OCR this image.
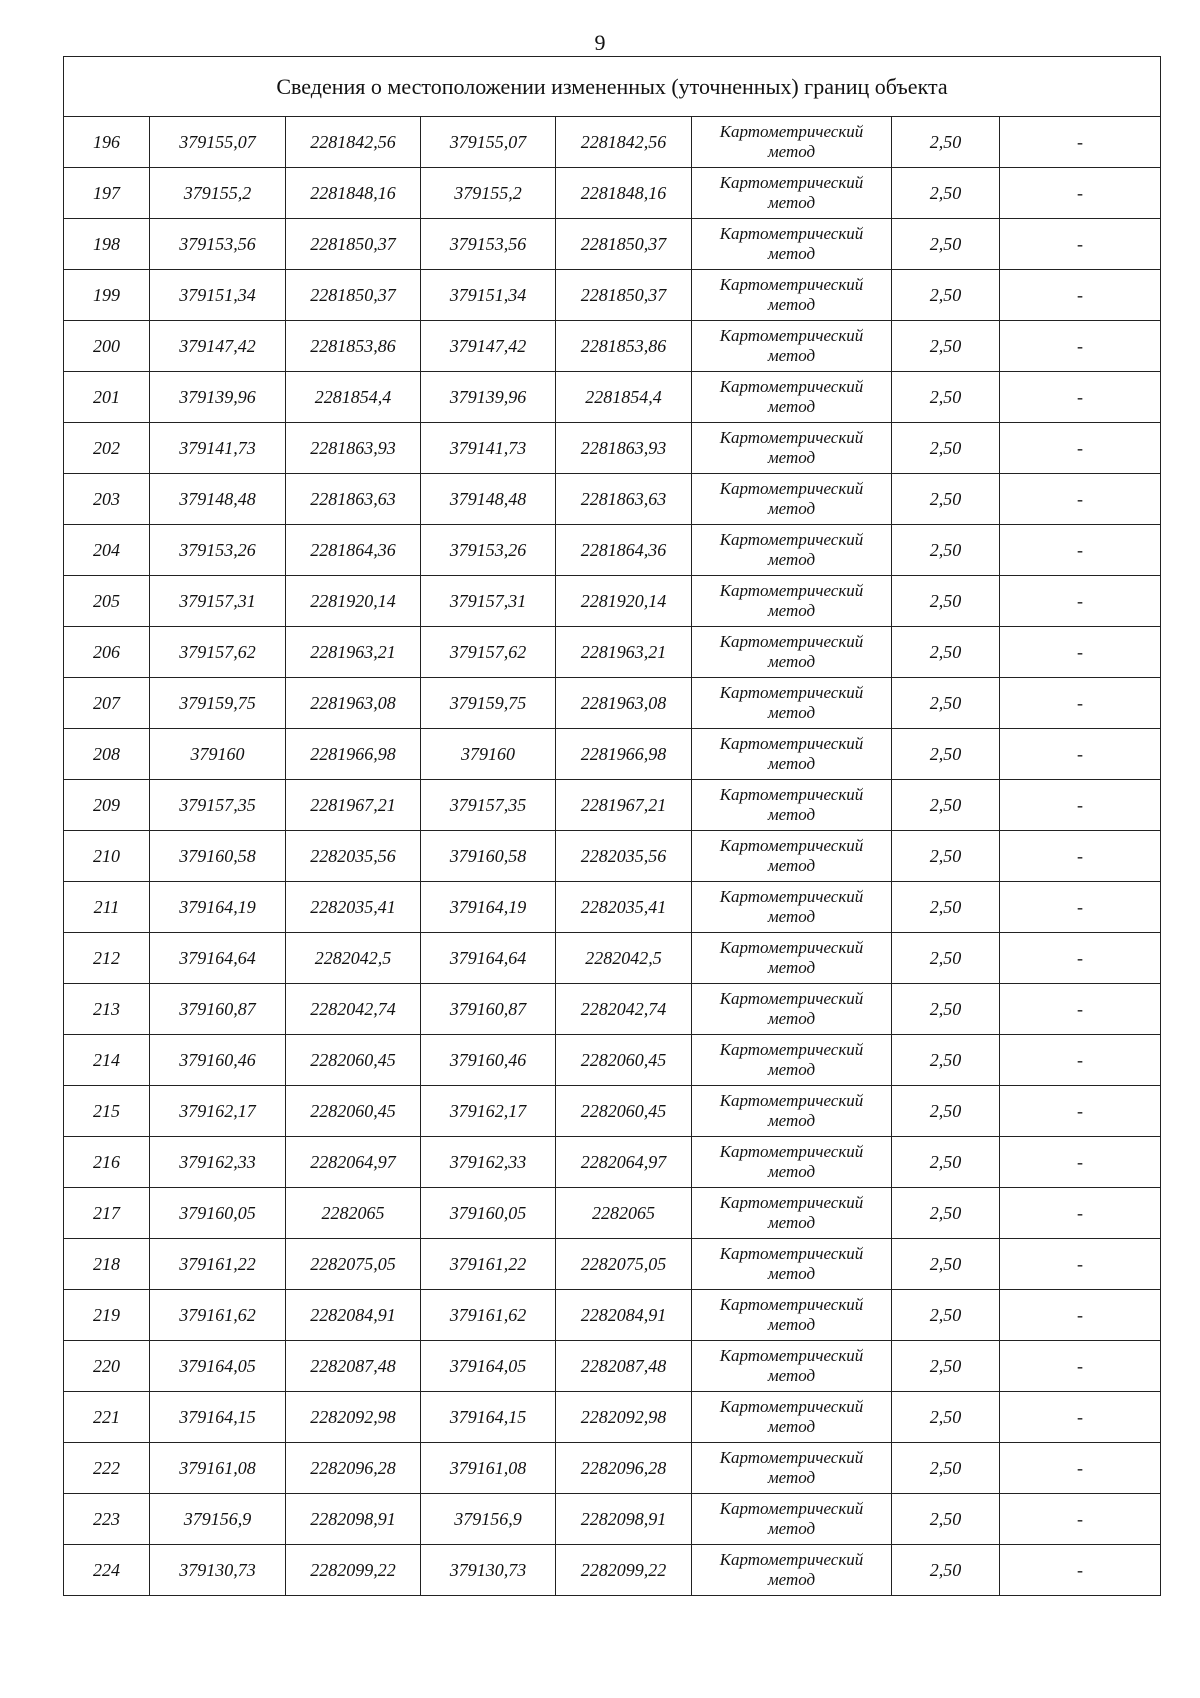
9
Сведения о местоположении измененных (уточненных) границ объекта							
196	379155,07	2281842,56	379155,07	2281842,56	Картометрический
метод	2,50	-
197	379155,2	2281848,16	379155,2	2281848,16	Картометрический
метод	2,50	-
198	379153,56	2281850,37	379153,56	2281850,37	Картометрический
метод	2,50	-
199	379151,34	2281850,37	379151,34	2281850,37	Картометрический
метод	2,50	-
200	379147,42	2281853,86	379147,42	2281853,86	Картометрический
метод	2,50	-
201	379139,96	2281854,4	379139,96	2281854,4	Картометрический
метод	2,50	-
202	379141,73	2281863,93	379141,73	2281863,93	Картометрический
метод	2,50	-
203	379148,48	2281863,63	379148,48	2281863,63	Картометрический
метод	2,50	-
204	379153,26	2281864,36	379153,26	2281864,36	Картометрический
метод	2,50	-
205	379157,31	2281920,14	379157,31	2281920,14	Картометрический
метод	2,50	-
206	379157,62	2281963,21	379157,62	2281963,21	Картометрический
метод	2,50	-
207	379159,75	2281963,08	379159,75	2281963,08	Картометрический
метод	2,50	-
208	379160	2281966,98	379160	2281966,98	Картометрический
метод	2,50	-
209	379157,35	2281967,21	379157,35	2281967,21	Картометрический
метод	2,50	-
210	379160,58	2282035,56	379160,58	2282035,56	Картометрический
метод	2,50	-
211	379164,19	2282035,41	379164,19	2282035,41	Картометрический
метод	2,50	-
212	379164,64	2282042,5	379164,64	2282042,5	Картометрический
метод	2,50	-
213	379160,87	2282042,74	379160,87	2282042,74	Картометрический
метод	2,50	-
214	379160,46	2282060,45	379160,46	2282060,45	Картометрический
метод	2,50	-
215	379162,17	2282060,45	379162,17	2282060,45	Картометрический
метод	2,50	-
216	379162,33	2282064,97	379162,33	2282064,97	Картометрический
метод	2,50	-
217	379160,05	2282065	379160,05	2282065	Картометрический
метод	2,50	-
218	379161,22	2282075,05	379161,22	2282075,05	Картометрический
метод	2,50	-
219	379161,62	2282084,91	379161,62	2282084,91	Картометрический
метод	2,50	-
220	379164,05	2282087,48	379164,05	2282087,48	Картометрический
метод	2,50	-
221	379164,15	2282092,98	379164,15	2282092,98	Картометрический
метод	2,50	-
222	379161,08	2282096,28	379161,08	2282096,28	Картометрический
метод	2,50	-
223	379156,9	2282098,91	379156,9	2282098,91	Картометрический
метод	2,50	-
224	379130,73	2282099,22	379130,73	2282099,22	Картометрический
метод	2,50	-
